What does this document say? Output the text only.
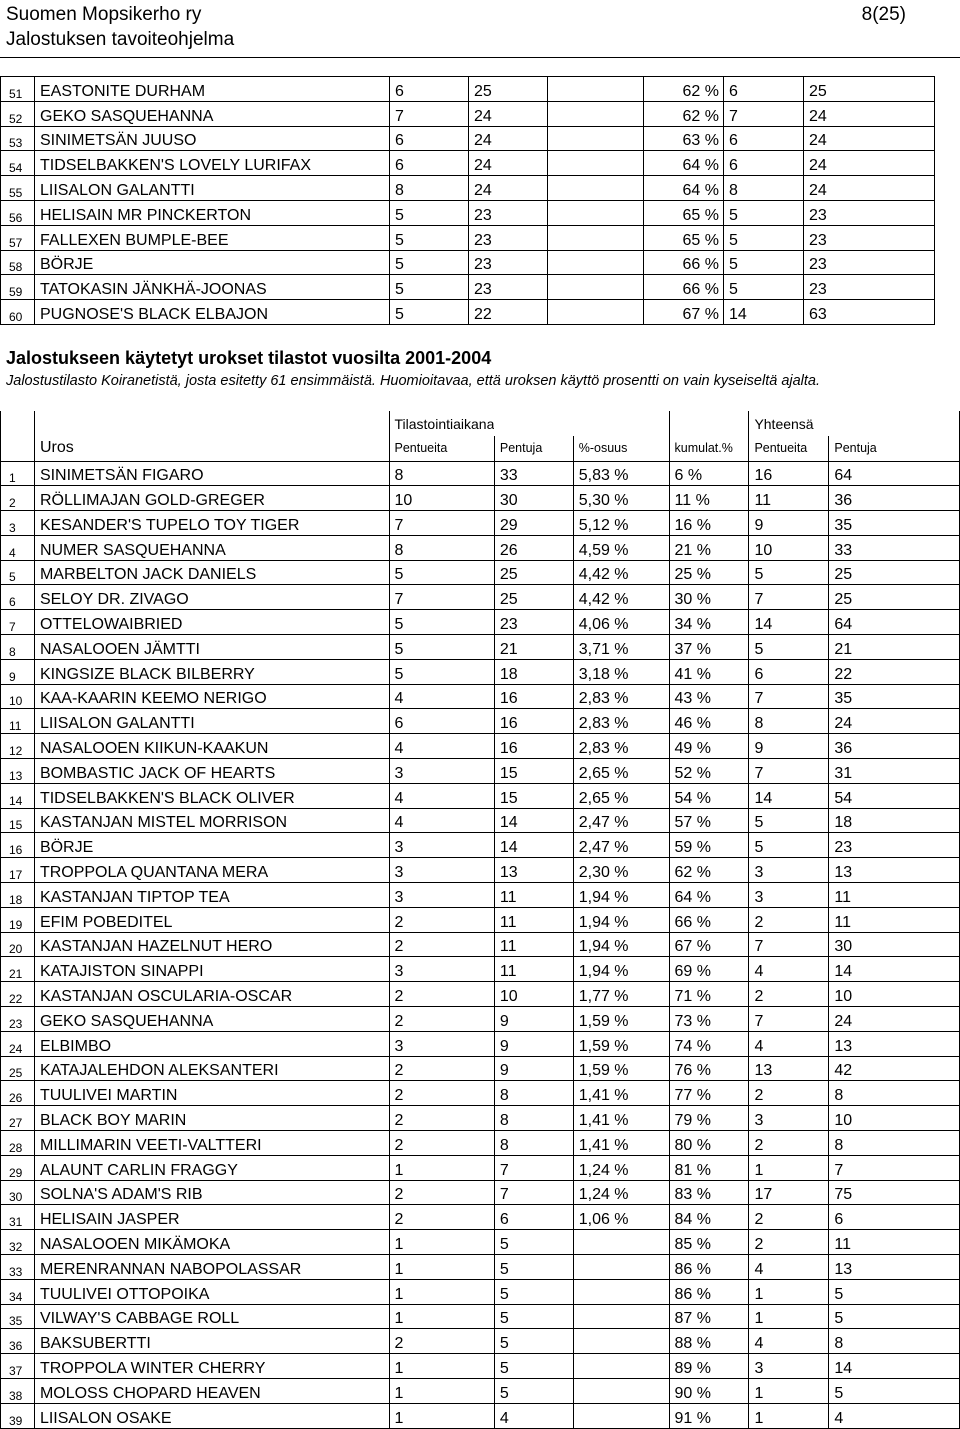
Suomen Mopsikerho ry
Jalostuksen tavoiteohjelma
8(25)
51	EASTONITE DURHAM	6	25		62 %	6	25
52	GEKO SASQUEHANNA	7	24		62 %	7	24
53	SINIMETSÄN JUUSO	6	24		63 %	6	24
54	TIDSELBAKKEN'S LOVELY LURIFAX	6	24		64 %	6	24
55	LIISALON GALANTTI	8	24		64 %	8	24
56	HELISAIN MR PINCKERTON	5	23		65 %	5	23
57	FALLEXEN BUMPLE-BEE	5	23		65 %	5	23
58	BÖRJE	5	23		66 %	5	23
59	TATOKASIN JÄNKHÄ-JOONAS	5	23		66 %	5	23
60	PUGNOSE'S BLACK ELBAJON	5	22		67 %	14	63
Jalostukseen käytetyt urokset tilastot vuosilta 2001-2004
Jalostustilasto Koiranetistä, josta esitetty 61 ensimmäistä. Huomioitavaa, että uroksen käyttö prosentti on vain kyseiseltä ajalta.
		Tilastointiaikana				Yhteensä	
	Uros	Pentueita	Pentuja	%-osuus	kumulat.%	Pentueita	Pentuja
1	SINIMETSÄN FIGARO	8	33	5,83 %	6 %	16	64
2	RÖLLIMAJAN GOLD-GREGER	10	30	5,30 %	11 %	11	36
3	KESANDER'S TUPELO TOY TIGER	7	29	5,12 %	16 %	9	35
4	NUMER SASQUEHANNA	8	26	4,59 %	21 %	10	33
5	MARBELTON JACK DANIELS	5	25	4,42 %	25 %	5	25
6	SELOY DR. ZIVAGO	7	25	4,42 %	30 %	7	25
7	OTTELOWAIBRIED	5	23	4,06 %	34 %	14	64
8	NASALOOEN JÄMTTI	5	21	3,71 %	37 %	5	21
9	KINGSIZE BLACK BILBERRY	5	18	3,18 %	41 %	6	22
10	KAA-KAARIN KEEMO NERIGO	4	16	2,83 %	43 %	7	35
11	LIISALON GALANTTI	6	16	2,83 %	46 %	8	24
12	NASALOOEN KIIKUN-KAAKUN	4	16	2,83 %	49 %	9	36
13	BOMBASTIC JACK OF HEARTS	3	15	2,65 %	52 %	7	31
14	TIDSELBAKKEN'S BLACK OLIVER	4	15	2,65 %	54 %	14	54
15	KASTANJAN MISTEL MORRISON	4	14	2,47 %	57 %	5	18
16	BÖRJE	3	14	2,47 %	59 %	5	23
17	TROPPOLA QUANTANA MERA	3	13	2,30 %	62 %	3	13
18	KASTANJAN TIPTOP TEA	3	11	1,94 %	64 %	3	11
19	EFIM POBEDITEL	2	11	1,94 %	66 %	2	11
20	KASTANJAN HAZELNUT HERO	2	11	1,94 %	67 %	7	30
21	KATAJISTON SINAPPI	3	11	1,94 %	69 %	4	14
22	KASTANJAN OSCULARIA-OSCAR	2	10	1,77 %	71 %	2	10
23	GEKO SASQUEHANNA	2	9	1,59 %	73 %	7	24
24	ELBIMBO	3	9	1,59 %	74 %	4	13
25	KATAJALEHDON ALEKSANTERI	2	9	1,59 %	76 %	13	42
26	TUULIVEI MARTIN	2	8	1,41 %	77 %	2	8
27	BLACK BOY MARIN	2	8	1,41 %	79 %	3	10
28	MILLIMARIN VEETI-VALTTERI	2	8	1,41 %	80 %	2	8
29	ALAUNT CARLIN FRAGGY	1	7	1,24 %	81 %	1	7
30	SOLNA'S ADAM'S RIB	2	7	1,24 %	83 %	17	75
31	HELISAIN JASPER	2	6	1,06 %	84 %	2	6
32	NASALOOEN MIKÄMOKA	1	5		85 %	2	11
33	MERENRANNAN NABOPOLASSAR	1	5		86 %	4	13
34	TUULIVEI OTTOPOIKA	1	5		86 %	1	5
35	VILWAY'S CABBAGE ROLL	1	5		87 %	1	5
36	BAKSUBERTTI	2	5		88 %	4	8
37	TROPPOLA WINTER CHERRY	1	5		89 %	3	14
38	MOLOSS CHOPARD HEAVEN	1	5		90 %	1	5
39	LIISALON OSAKE	1	4		91 %	1	4
